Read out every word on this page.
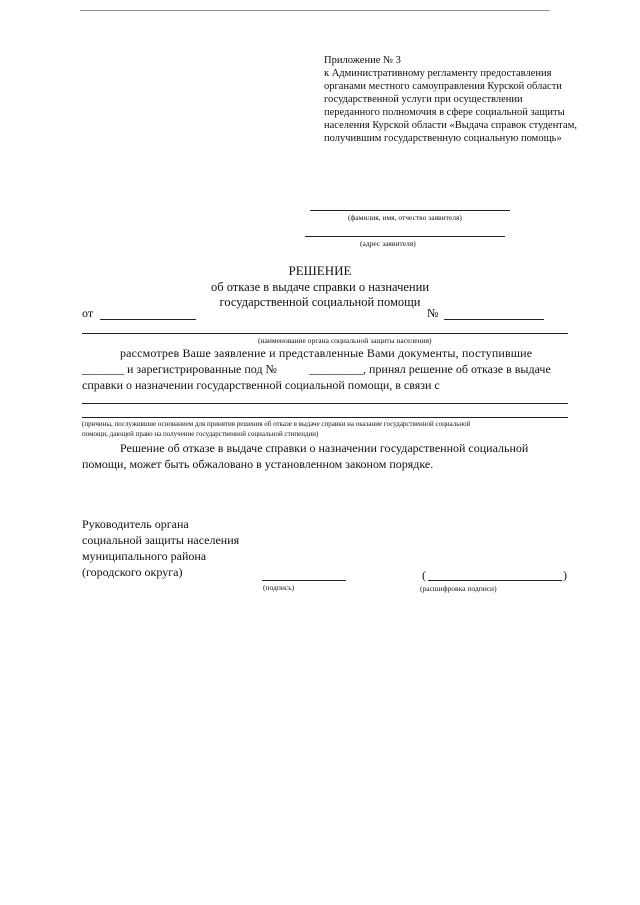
Приложение № 3
к Административному регламенту предоставления
органами местного самоуправления Курской области
государственной услуги при осуществлении
переданного полномочия в сфере социальной защиты
населения Курской области «Выдача справок студентам,
получившим государственную социальную помощь»
(фамилия, имя, отчество заявителя)
(адрес заявителя)
РЕШЕНИЕ
об отказе в выдаче справки о назначении
государственной социальной помощи
от	№
(наименование органа социальной защиты населения)
рассмотрев Ваше заявление и представленные Вами документы, поступившие
_______ и зарегистрированные под №	_________, принял решение об отказе в выдаче
справки о назначении государственной социальной помощи, в связи с
(причины, послужившие основанием для принятия решения об отказе в выдаче справки на оказание государственной социальной
помощи, дающей право на получение государственной социальной стипендии)
Решение об отказе в выдаче справки о назначении государственной социальной
помощи, может быть обжаловано в установленном законом порядке.
Руководитель органа
социальной защиты населения
муниципального района
(городского округа)
(подпись)
(	)
(расшифровка подписи)
